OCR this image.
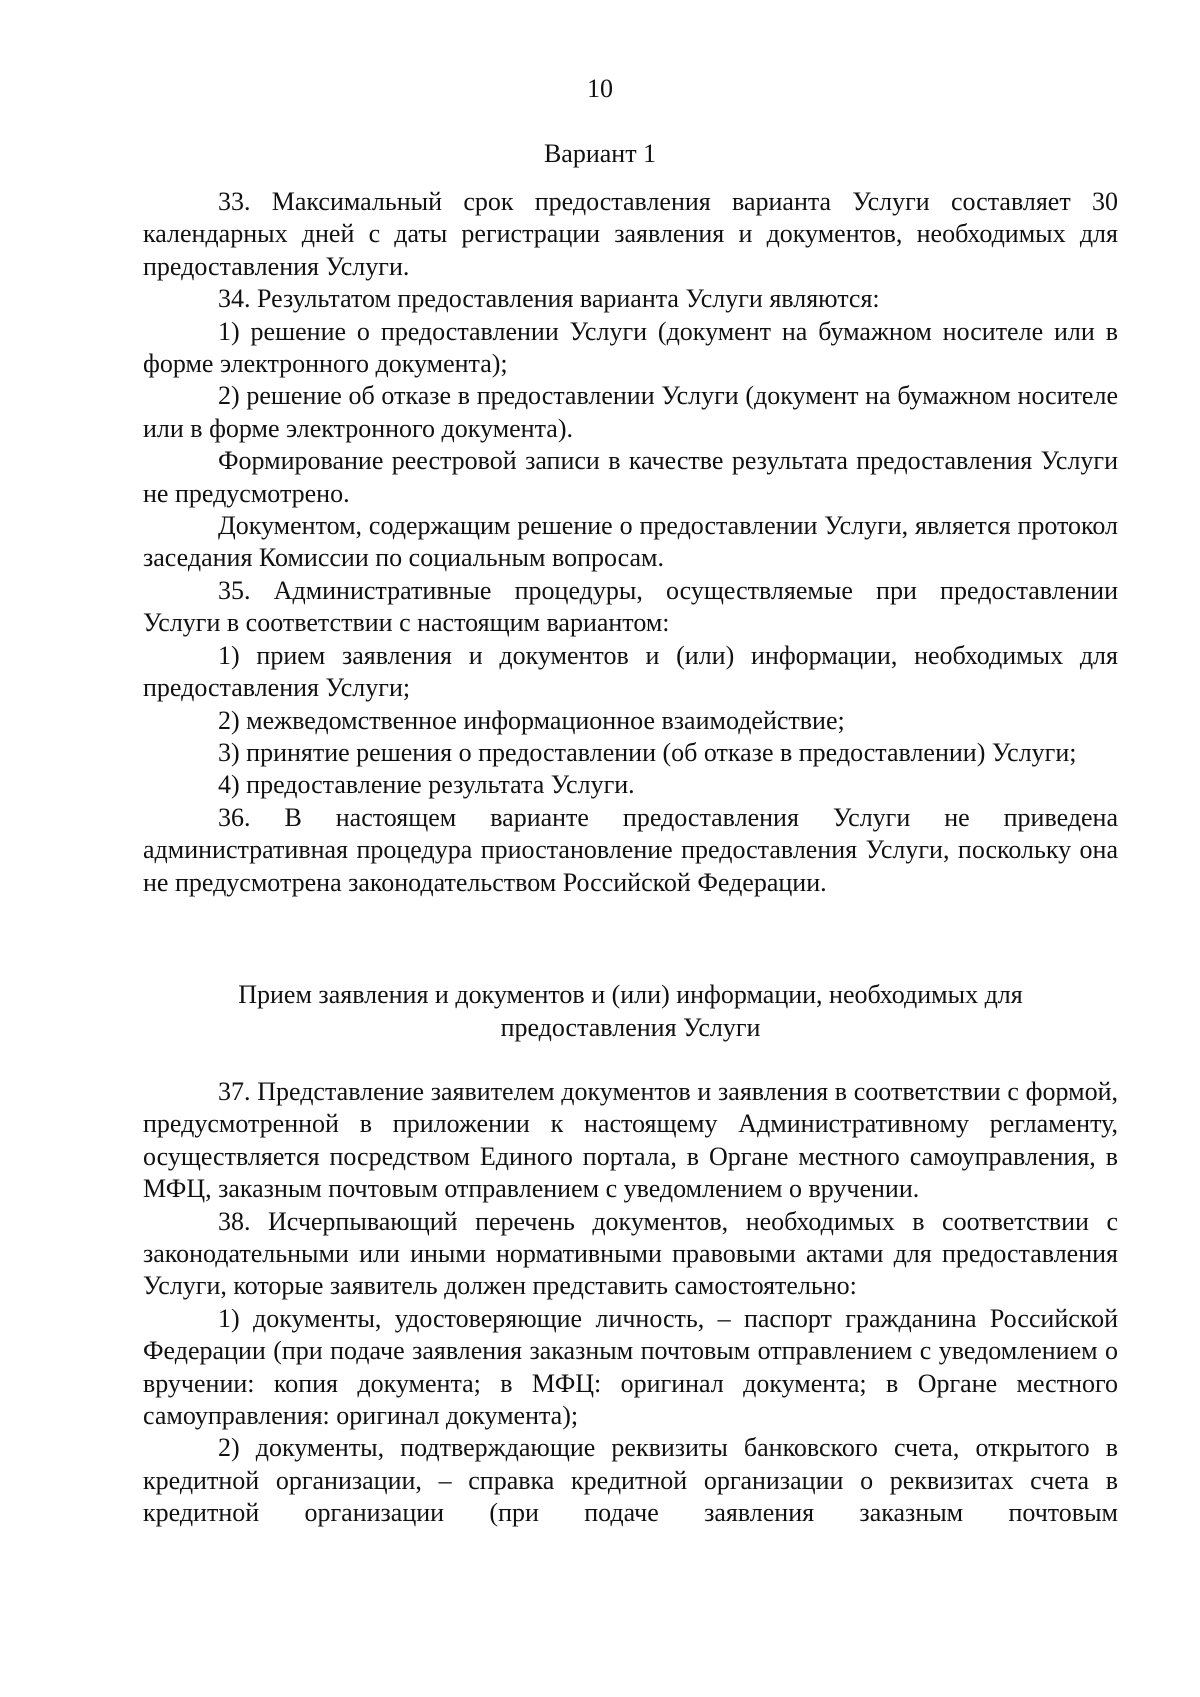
10
Вариант 1

33. Максимальный срок предоставления варианта Услуги составляет 30 календарных дней с даты регистрации заявления и документов, необходимых для предоставления Услуги.

34. Результатом предоставления варианта Услуги являются:

1) решение о предоставлении Услуги (документ на бумажном носителе или в форме электронного документа);

2) решение об отказе в предоставлении Услуги (документ на бумажном носителе или в форме электронного документа).

Формирование реестровой записи в качестве результата предоставления Услуги не предусмотрено.

Документом, содержащим решение о предоставлении Услуги, является протокол заседания Комиссии по социальным вопросам.

35. Административные процедуры, осуществляемые при предоставлении Услуги в соответствии с настоящим вариантом:

1) прием заявления и документов и (или) информации, необходимых для предоставления Услуги;

2) межведомственное информационное взаимодействие;

3) принятие решения о предоставлении (об отказе в предоставлении) Услуги;

4) предоставление результата Услуги.

36. В настоящем варианте предоставления Услуги не приведена административная процедура приостановление предоставления Услуги, поскольку она не предусмотрена законодательством Российской Федерации.

Прием заявления и документов и (или) информации, необходимых для
предоставления Услуги

37. Представление заявителем документов и заявления в соответствии с формой, предусмотренной в приложении к настоящему Административному регламенту, осуществляется посредством Единого портала, в Органе местного самоуправления, в МФЦ, заказным почтовым отправлением с уведомлением о вручении.

38. Исчерпывающий перечень документов, необходимых в соответствии с законодательными или иными нормативными правовыми актами для предоставления Услуги, которые заявитель должен представить самостоятельно:

1) документы, удостоверяющие личность, – паспорт гражданина Российской Федерации (при подаче заявления заказным почтовым отправлением с уведомлением о вручении: копия документа; в МФЦ: оригинал документа; в Органе местного самоуправления: оригинал документа);

2) документы, подтверждающие реквизиты банковского счета, открытого в кредитной организации, – справка кредитной организации о реквизитах счета в кредитной организации (при подаче заявления заказным почтовым
